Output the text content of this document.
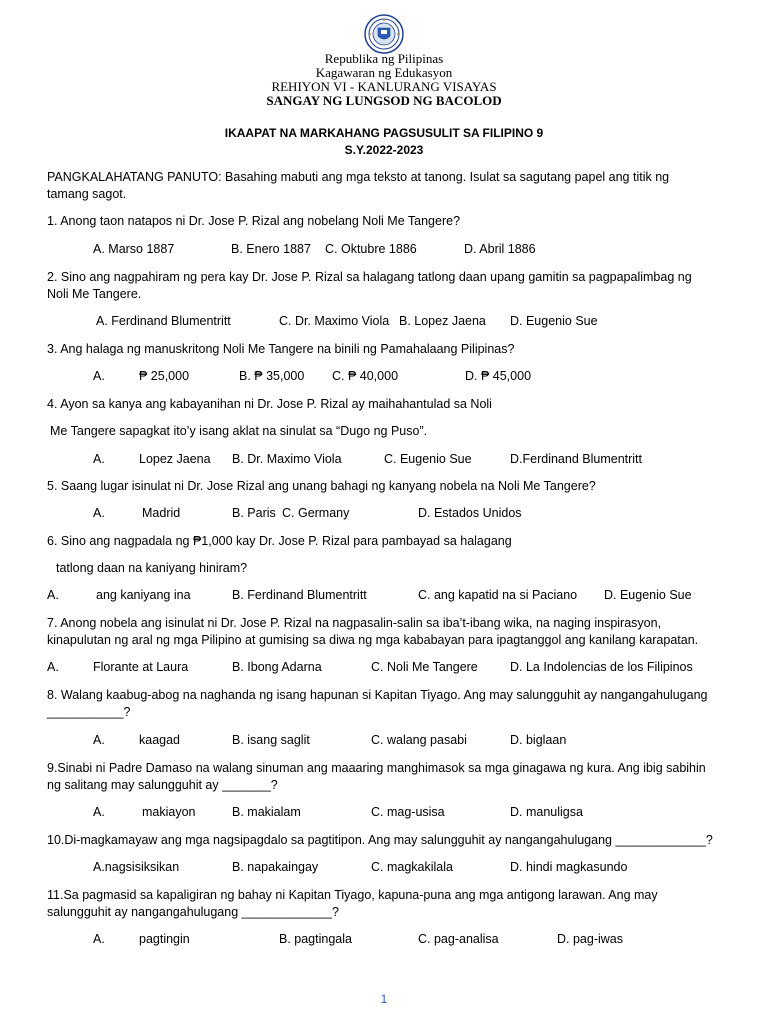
Republika ng Pilipinas
Kagawaran ng Edukasyon
REHIYON VI - KANLURANG VISAYAS
SANGAY NG LUNGSOD NG BACOLOD
IKAAPAT NA MARKAHANG PAGSUSULIT SA FILIPINO 9
S.Y.2022-2023
PANGKALAHATANG PANUTO: Basahing mabuti ang mga teksto at tanong. Isulat sa sagutang papel ang titik ng
tamang sagot.
1. Anong taon natapos ni Dr. Jose P. Rizal ang nobelang Noli Me Tangere?
A. Marso 1887	B. Enero 1887 C. Oktubre 1886	D. Abril 1886
2. Sino ang nagpahiram ng pera kay Dr. Jose P. Rizal sa halagang tatlong daan upang gamitin sa pagpapalimbag ng
Noli Me Tangere.
A. Ferdinand Blumentritt	C. Dr. Maximo Viola B. Lopez Jaena D. Eugenio Sue
3. Ang halaga ng manuskritong Noli Me Tangere na binili ng Pamahalaang Pilipinas?
A.	₱ 25,000	B. ₱ 35,000 C. ₱ 40,000	D. ₱ 45,000
4. Ayon sa kanya ang kabayanihan ni Dr. Jose P. Rizal ay maihahantulad sa Noli
Me Tangere sapagkat ito’y isang aklat na sinulat sa “Dugo ng Puso”.
A.	Lopez Jaena B. Dr. Maximo Viola	C. Eugenio Sue	D.Ferdinand Blumentritt
5. Saang lugar isinulat ni Dr. Jose Rizal ang unang bahagi ng kanyang nobela na Noli Me Tangere?
A.	Madrid	B. Paris C. Germany	D. Estados Unidos
6. Sino ang nagpadala ng ₱1,000 kay Dr. Jose P. Rizal para pambayad sa halagang
tatlong daan na kaniyang hiniram?
A.	ang kaniyang ina	B. Ferdinand Blumentritt	C. ang kapatid na si Paciano D. Eugenio Sue
7. Anong nobela ang isinulat ni Dr. Jose P. Rizal na nagpasalin-salin sa iba’t-ibang wika, na naging inspirasyon,
kinapulutan ng aral ng mga Pilipino at gumising sa diwa ng mga kababayan para ipagtanggol ang kanilang karapatan.
A.	Florante at Laura	B. Ibong Adarna	C. Noli Me Tangere	D. La Indolencias de los Filipinos
8. Walang kaabug-abog na naghanda ng isang hapunan si Kapitan Tiyago. Ang may salungguhit ay nangangahulugang
___________?
A.	kaagad	B. isang saglit	C. walang pasabi	D. biglaan
9.Sinabi ni Padre Damaso na walang sinuman ang maaaring manghimasok sa mga ginagawa ng kura. Ang ibig sabihin
ng salitang may salungguhit ay _______?
A.	makiayon	B. makialam	C. mag-usisa	D. manuligsa
10.Di-magkamayaw ang mga nagsipagdalo sa pagtitipon. Ang may salungguhit ay nangangahulugang _____________?
A.nagsisiksikan	B. napakaingay	C. magkakilala	D. hindi magkasundo
11.Sa pagmasid sa kapaligiran ng bahay ni Kapitan Tiyago, kapuna-puna ang mga antigong larawan. Ang may
salungguhit ay nangangahulugang _____________?
A.	pagtingin	B. pagtingala	C. pag-analisa	D. pag-iwas
1
